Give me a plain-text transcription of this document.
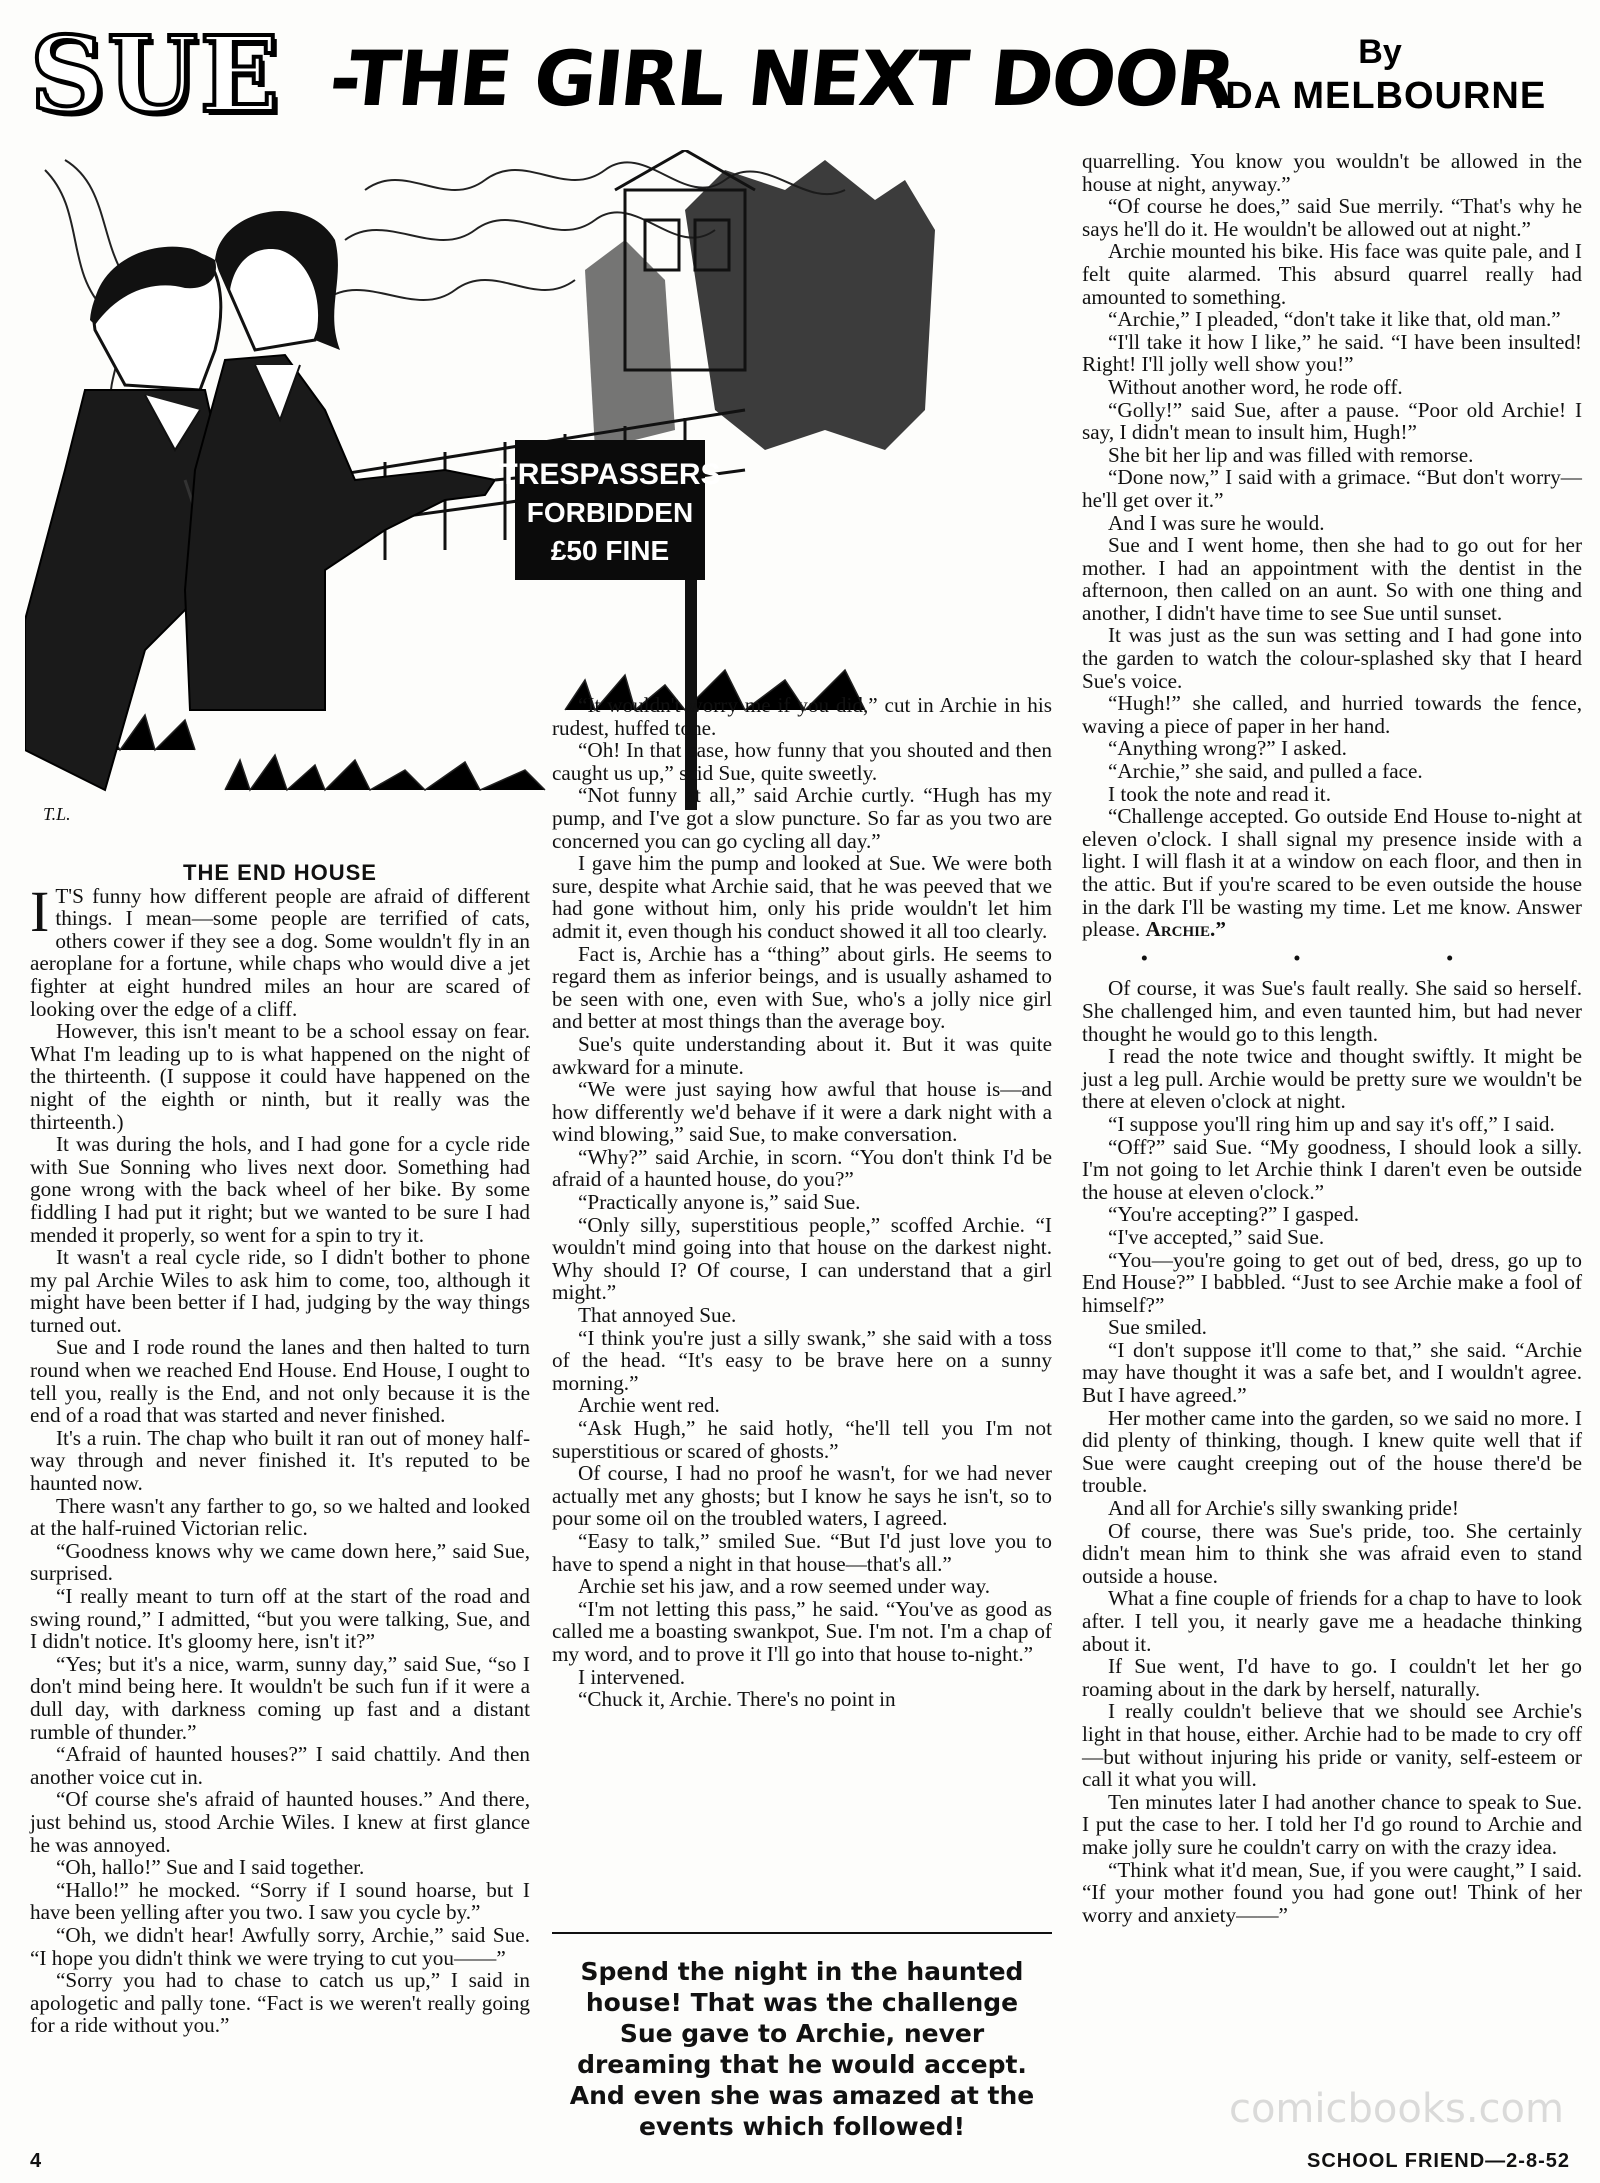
SUE -THE GIRL NEXT DOOR	By
IDA MELBOURNE
TRESPASSERS
FORBIDDEN
£50 FINE
T.L.

THE END HOUSE

I T'S funny how different people are afraid of different things. I mean—some people are terrified of cats, others cower if they see a dog. Some wouldn't fly in an aeroplane for a fortune, while chaps who would dive a jet fighter at eight hundred miles an hour are scared of looking over the edge of a cliff.

However, this isn't meant to be a school essay on fear. What I'm leading up to is what happened on the night of the thirteenth. (I suppose it could have happened on the night of the eighth or ninth, but it really was the thirteenth.)

It was during the hols, and I had gone for a cycle ride with Sue Sonning who lives next door. Something had gone wrong with the back wheel of her bike. By some fiddling I had put it right; but we wanted to be sure I had mended it properly, so went for a spin to try it.

It wasn't a real cycle ride, so I didn't bother to phone my pal Archie Wiles to ask him to come, too, although it might have been better if I had, judging by the way things turned out.

Sue and I rode round the lanes and then halted to turn round when we reached End House. End House, I ought to tell you, really is the End, and not only because it is the end of a road that was started and never finished.

It's a ruin. The chap who built it ran out of money half-way through and never finished it. It's reputed to be haunted now.

There wasn't any farther to go, so we halted and looked at the half-ruined Victorian relic.

“Goodness knows why we came down here,” said Sue, surprised.

“I really meant to turn off at the start of the road and swing round,” I admitted, “but you were talking, Sue, and I didn't notice. It's gloomy here, isn't it?”

“Yes; but it's a nice, warm, sunny day,” said Sue, “so I don't mind being here. It wouldn't be such fun if it were a dull day, with darkness coming up fast and a distant rumble of thunder.”

“Afraid of haunted houses?” I said chattily. And then another voice cut in.

“Of course she's afraid of haunted houses.” And there, just behind us, stood Archie Wiles. I knew at first glance he was annoyed.

“Oh, hallo!” Sue and I said together.

“Hallo!” he mocked. “Sorry if I sound hoarse, but I have been yelling after you two. I saw you cycle by.”

“Oh, we didn't hear! Awfully sorry, Archie,” said Sue. “I hope you didn't think we were trying to cut you——”

“Sorry you had to chase to catch us up,” I said in apologetic and pally tone. “Fact is we weren't really going for a ride without you.”

“It wouldn't worry me if you did,” cut in Archie in his rudest, huffed tone.

“Oh! In that case, how funny that you shouted and then caught us up,” said Sue, quite sweetly.

“Not funny at all,” said Archie curtly. “Hugh has my pump, and I've got a slow puncture. So far as you two are concerned you can go cycling all day.”

I gave him the pump and looked at Sue. We were both sure, despite what Archie said, that he was peeved that we had gone without him, only his pride wouldn't let him admit it, even though his conduct showed it all too clearly.

Fact is, Archie has a “thing” about girls. He seems to regard them as inferior beings, and is usually ashamed to be seen with one, even with Sue, who's a jolly nice girl and better at most things than the average boy.

Sue's quite understanding about it. But it was quite awkward for a minute.

“We were just saying how awful that house is—and how differently we'd behave if it were a dark night with a wind blowing,” said Sue, to make conversation.

“Why?” said Archie, in scorn. “You don't think I'd be afraid of a haunted house, do you?”

“Practically anyone is,” said Sue.

“Only silly, superstitious people,” scoffed Archie. “I wouldn't mind going into that house on the darkest night. Why should I? Of course, I can understand that a girl might.”

That annoyed Sue.

“I think you're just a silly swank,” she said with a toss of the head. “It's easy to be brave here on a sunny morning.”

Archie went red.

“Ask Hugh,” he said hotly, “he'll tell you I'm not superstitious or scared of ghosts.”

Of course, I had no proof he wasn't, for we had never actually met any ghosts; but I know he says he isn't, so to pour some oil on the troubled waters, I agreed.

“Easy to talk,” smiled Sue. “But I'd just love you to have to spend a night in that house—that's all.”

Archie set his jaw, and a row seemed under way.

“I'm not letting this pass,” he said. “You've as good as called me a boasting swankpot, Sue. I'm not. I'm a chap of my word, and to prove it I'll go into that house to-night.”

I intervened.

“Chuck it, Archie. There's no point in

Spend the night in the haunted house! That was the challenge Sue gave to Archie, never dreaming that he would accept. And even she was amazed at the events which followed!

quarrelling. You know you wouldn't be allowed in the house at night, anyway.”

“Of course he does,” said Sue merrily. “That's why he says he'll do it. He wouldn't be allowed out at night.”

Archie mounted his bike. His face was quite pale, and I felt quite alarmed. This absurd quarrel really had amounted to something.

“Archie,” I pleaded, “don't take it like that, old man.”

“I'll take it how I like,” he said. “I have been insulted! Right! I'll jolly well show you!”

Without another word, he rode off.

“Golly!” said Sue, after a pause. “Poor old Archie! I say, I didn't mean to insult him, Hugh!”

She bit her lip and was filled with remorse.

“Done now,” I said with a grimace. “But don't worry—he'll get over it.”

And I was sure he would.

Sue and I went home, then she had to go out for her mother. I had an appointment with the dentist in the afternoon, then called on an aunt. So with one thing and another, I didn't have time to see Sue until sunset.

It was just as the sun was setting and I had gone into the garden to watch the colour-splashed sky that I heard Sue's voice.

“Hugh!” she called, and hurried towards the fence, waving a piece of paper in her hand.

“Anything wrong?” I asked.

“Archie,” she said, and pulled a face.

I took the note and read it.

“Challenge accepted. Go outside End House to-night at eleven o'clock. I shall signal my presence inside with a light. I will flash it at a window on each floor, and then in the attic. But if you're scared to be even outside the house in the dark I'll be wasting my time. Let me know. Answer please. Archie.”

• • •

Of course, it was Sue's fault really. She said so herself. She challenged him, and even taunted him, but had never thought he would go to this length.

I read the note twice and thought swiftly. It might be just a leg pull. Archie would be pretty sure we wouldn't be there at eleven o'clock at night.

“I suppose you'll ring him up and say it's off,” I said.

“Off?” said Sue. “My goodness, I should look a silly. I'm not going to let Archie think I daren't even be outside the house at eleven o'clock.”

“You're accepting?” I gasped.

“I've accepted,” said Sue.

“You—you're going to get out of bed, dress, go up to End House?” I babbled. “Just to see Archie make a fool of himself?”

Sue smiled.

“I don't suppose it'll come to that,” she said. “Archie may have thought it was a safe bet, and I wouldn't agree. But I have agreed.”

Her mother came into the garden, so we said no more. I did plenty of thinking, though. I knew quite well that if Sue were caught creeping out of the house there'd be trouble.

And all for Archie's silly swanking pride!

Of course, there was Sue's pride, too. She certainly didn't mean him to think she was afraid even to stand outside a house.

What a fine couple of friends for a chap to have to look after. I tell you, it nearly gave me a headache thinking about it.

If Sue went, I'd have to go. I couldn't let her go roaming about in the dark by herself, naturally.

I really couldn't believe that we should see Archie's light in that house, either. Archie had to be made to cry off—but without injuring his pride or vanity, self-esteem or call it what you will.

Ten minutes later I had another chance to speak to Sue. I put the case to her. I told her I'd go round to Archie and make jolly sure he couldn't carry on with the crazy idea.

“Think what it'd mean, Sue, if you were caught,” I said. “If your mother found you had gone out! Think of her worry and anxiety——”

comicbooks.com
4	SCHOOL FRIEND—2-8-52
